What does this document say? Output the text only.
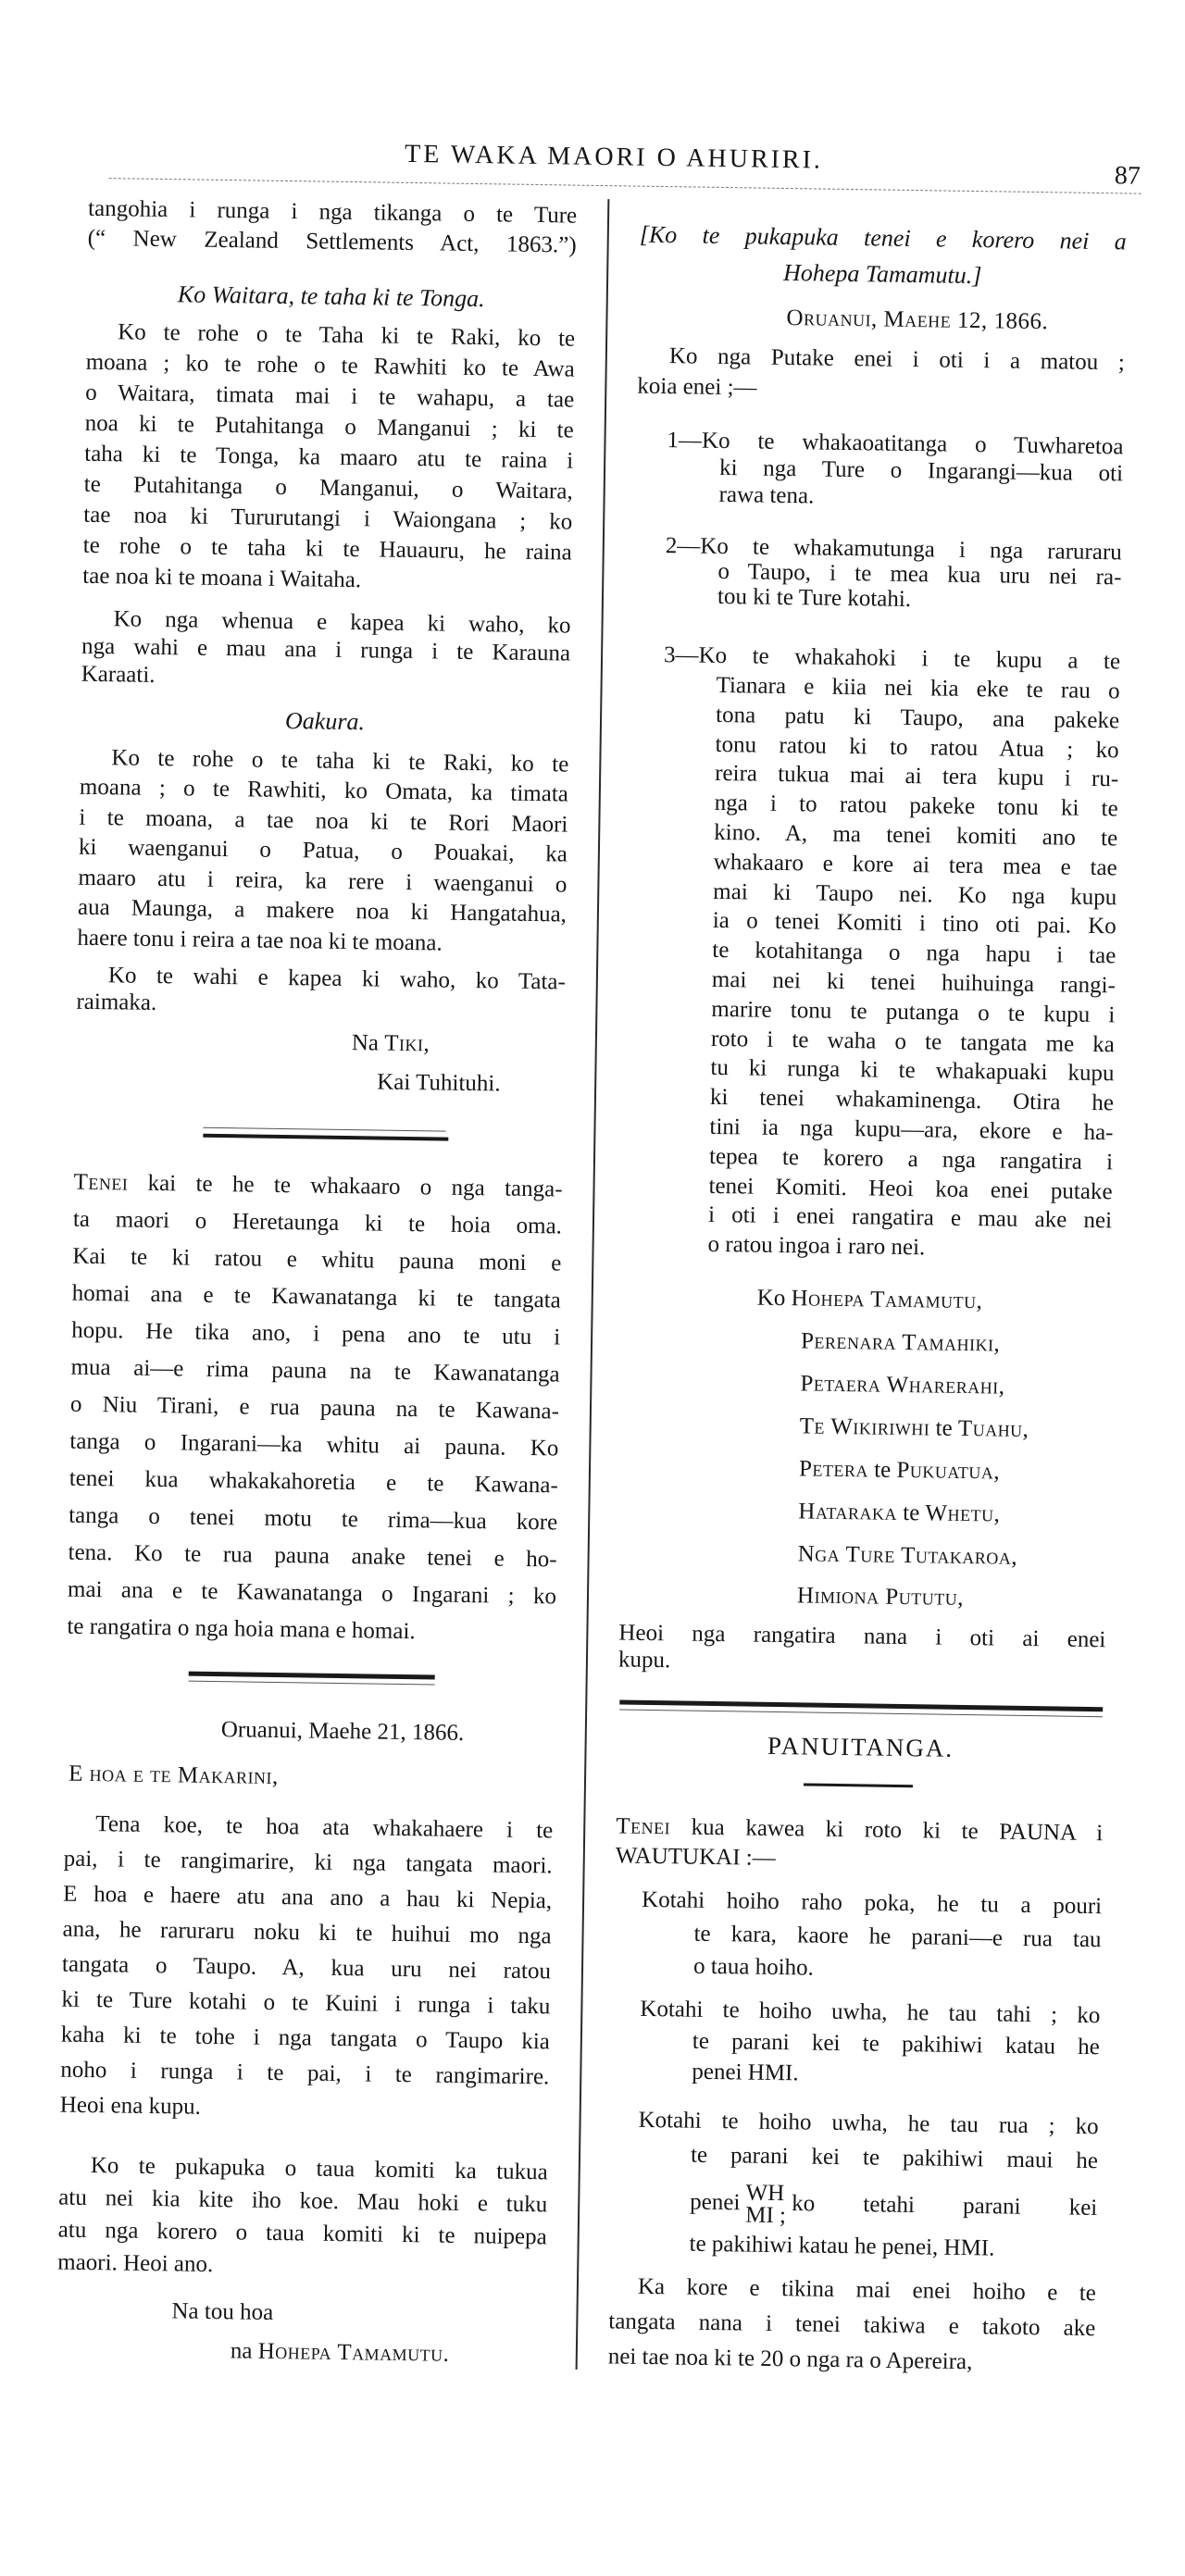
TE WAKA MAORI O AHURIRI.
87
tangohia i runga i nga tikanga o te Ture
(“ New Zealand Settlements Act, 1863.”)
Ko Waitara, te taha ki te Tonga.
Ko te rohe o te Taha ki te Raki, ko te
moana ; ko te rohe o te Rawhiti ko te Awa
o Waitara, timata mai i te wahapu, a tae
noa ki te Putahitanga o Manganui ; ki te
taha ki te Tonga, ka maaro atu te raina i
te Putahitanga o Manganui, o Waitara,
tae noa ki Tururutangi i Waiongana ; ko
te rohe o te taha ki te Hauauru, he raina
tae noa ki te moana i Waitaha.
Ko nga whenua e kapea ki waho, ko
nga wahi e mau ana i runga i te Karauna
Karaati.
Oakura.
Ko te rohe o te taha ki te Raki, ko te
moana ; o te Rawhiti, ko Omata, ka timata
i te moana, a tae noa ki te Rori Maori
ki waenganui o Patua, o Pouakai, ka
maaro atu i reira, ka rere i waenganui o
aua Maunga, a makere noa ki Hangatahua,
haere tonu i reira a tae noa ki te moana.
Ko te wahi e kapea ki waho, ko Tata-
raimaka.
Na Tiki,
Kai Tuhituhi.
Tenei kai te he te whakaaro o nga tanga-
ta maori o Heretaunga ki te hoia oma.
Kai te ki ratou e whitu pauna moni e
homai ana e te Kawanatanga ki te tangata
hopu. He tika ano, i pena ano te utu i
mua ai—e rima pauna na te Kawanatanga
o Niu Tirani, e rua pauna na te Kawana-
tanga o Ingarani—ka whitu ai pauna. Ko
tenei kua whakakahoretia e te Kawana-
tanga o tenei motu te rima—kua kore
tena. Ko te rua pauna anake tenei e ho-
mai ana e te Kawanatanga o Ingarani ; ko
te rangatira o nga hoia mana e homai.
Oruanui, Maehe 21, 1866.
E hoa e te Makarini,
Tena koe, te hoa ata whakahaere i te
pai, i te rangimarire, ki nga tangata maori.
E hoa e haere atu ana ano a hau ki Nepia,
ana, he raruraru noku ki te huihui mo nga
tangata o Taupo. A, kua uru nei ratou
ki te Ture kotahi o te Kuini i runga i taku
kaha ki te tohe i nga tangata o Taupo kia
noho i runga i te pai, i te rangimarire.
Heoi ena kupu.
Ko te pukapuka o taua komiti ka tukua
atu nei kia kite iho koe. Mau hoki e tuku
atu nga korero o taua komiti ki te nuipepa
maori. Heoi ano.
Na tou hoa
na Hohepa Tamamutu.
[Ko te pukapuka tenei e korero nei a
Hohepa Tamamutu.]
Oruanui, Maehe 12, 1866.
Ko nga Putake enei i oti i a matou ;
koia enei ;—
1—Ko te whakaoatitanga o Tuwharetoa
ki nga Ture o Ingarangi—kua oti
rawa tena.
2—Ko te whakamutunga i nga raruraru
o Taupo, i te mea kua uru nei ra-
tou ki te Ture kotahi.
3—Ko te whakahoki i te kupu a te
Tianara e kiia nei kia eke te rau o
tona patu ki Taupo, ana pakeke
tonu ratou ki to ratou Atua ; ko
reira tukua mai ai tera kupu i ru-
nga i to ratou pakeke tonu ki te
kino. A, ma tenei komiti ano te
whakaaro e kore ai tera mea e tae
mai ki Taupo nei. Ko nga kupu
ia o tenei Komiti i tino oti pai. Ko
te kotahitanga o nga hapu i tae
mai nei ki tenei huihuinga rangi-
marire tonu te putanga o te kupu i
roto i te waha o te tangata me ka
tu ki runga ki te whakapuaki kupu
ki tenei whakaminenga. Otira he
tini ia nga kupu—ara, ekore e ha-
tepea te korero a nga rangatira i
tenei Komiti. Heoi koa enei putake
i oti i enei rangatira e mau ake nei
o ratou ingoa i raro nei.
Ko Hohepa Tamamutu,
Perenara Tamahiki,
Petaera Wharerahi,
Te Wikiriwhi te Tuahu,
Petera te Pukuatua,
Hataraka te Whetu,
Nga Ture Tutakaroa,
Himiona Pututu,
Heoi nga rangatira nana i oti ai enei
kupu.
PANUITANGA.
Tenei kua kawea ki roto ki te PAUNA i
WAUTUKAI :—
Kotahi hoiho raho poka, he tu a pouri
te kara, kaore he parani—e rua tau
o taua hoiho.
Kotahi te hoiho uwha, he tau tahi ; ko
te parani kei te pakihiwi katau he
penei HMI.
Kotahi te hoiho uwha, he tau rua ; ko
te parani kei te pakihiwi maui he
penei WH
MI ; ko tetahi parani kei
te pakihiwi katau he penei, HMI.
Ka kore e tikina mai enei hoiho e te
tangata nana i tenei takiwa e takoto ake
nei tae noa ki te 20 o nga ra o Apereira,
